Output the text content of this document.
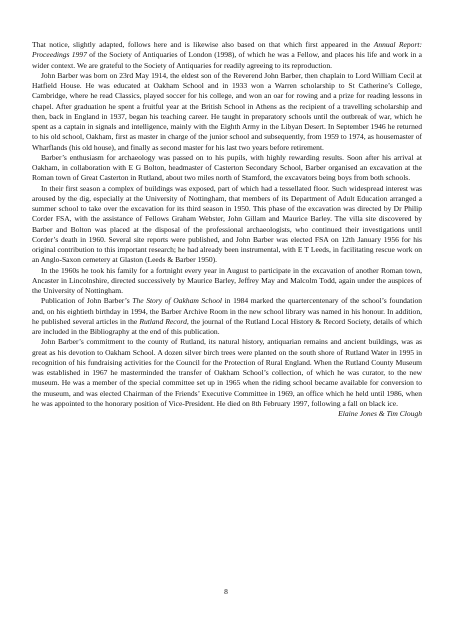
That notice, slightly adapted, follows here and is likewise also based on that which first appeared in the Annual Report: Proceedings 1997 of the Society of Antiquaries of London (1998), of which he was a Fellow, and places his life and work in a wider context. We are grateful to the Society of Antiquaries for readily agreeing to its reproduction.

John Barber was born on 23rd May 1914, the eldest son of the Reverend John Barber, then chaplain to Lord William Cecil at Hatfield House. He was educated at Oakham School and in 1933 won a Warren scholarship to St Catherine’s College, Cambridge, where he read Classics, played soccer for his college, and won an oar for rowing and a prize for reading lessons in chapel. After graduation he spent a fruitful year at the British School in Athens as the recipient of a travelling scholarship and then, back in England in 1937, began his teaching career. He taught in preparatory schools until the outbreak of war, which he spent as a captain in signals and intelligence, mainly with the Eighth Army in the Libyan Desert. In September 1946 he returned to his old school, Oakham, first as master in charge of the junior school and subsequently, from 1959 to 1974, as housemaster of Wharflands (his old house), and finally as second master for his last two years before retirement.

Barber’s enthusiasm for archaeology was passed on to his pupils, with highly rewarding results. Soon after his arrival at Oakham, in collaboration with E G Bolton, headmaster of Casterton Secondary School, Barber organised an excavation at the Roman town of Great Casterton in Rutland, about two miles north of Stamford, the excavators being boys from both schools.

In their first season a complex of buildings was exposed, part of which had a tessellated floor. Such widespread interest was aroused by the dig, especially at the University of Nottingham, that members of its Department of Adult Education arranged a summer school to take over the excavation for its third season in 1950. This phase of the excavation was directed by Dr Philip Corder FSA, with the assistance of Fellows Graham Webster, John Gillam and Maurice Barley. The villa site discovered by Barber and Bolton was placed at the disposal of the professional archaeologists, who continued their investigations until Corder’s death in 1960. Several site reports were published, and John Barber was elected FSA on 12th January 1956 for his original contribution to this important research; he had already been instrumental, with E T Leeds, in facilitating rescue work on an Anglo-Saxon cemetery at Glaston (Leeds & Barber 1950).

In the 1960s he took his family for a fortnight every year in August to participate in the excavation of another Roman town, Ancaster in Lincolnshire, directed successively by Maurice Barley, Jeffrey May and Malcolm Todd, again under the auspices of the University of Nottingham.

Publication of John Barber’s The Story of Oakham School in 1984 marked the quartercentenary of the school’s foundation and, on his eightieth birthday in 1994, the Barber Archive Room in the new school library was named in his honour. In addition, he published several articles in the Rutland Record, the journal of the Rutland Local History & Record Society, details of which are included in the Bibliography at the end of this publication.

John Barber’s commitment to the county of Rutland, its natural history, antiquarian remains and ancient buildings, was as great as his devotion to Oakham School. A dozen silver birch trees were planted on the south shore of Rutland Water in 1995 in recognition of his fundraising activities for the Council for the Protection of Rural England. When the Rutland County Museum was established in 1967 he masterminded the transfer of Oakham School’s collection, of which he was curator, to the new museum. He was a member of the special committee set up in 1965 when the riding school became available for conversion to the museum, and was elected Chairman of the Friends’ Executive Committee in 1969, an office which he held until 1986, when he was appointed to the honorary position of Vice-President. He died on 8th February 1997, following a fall on black ice.

Elaine Jones & Tim Clough

8
